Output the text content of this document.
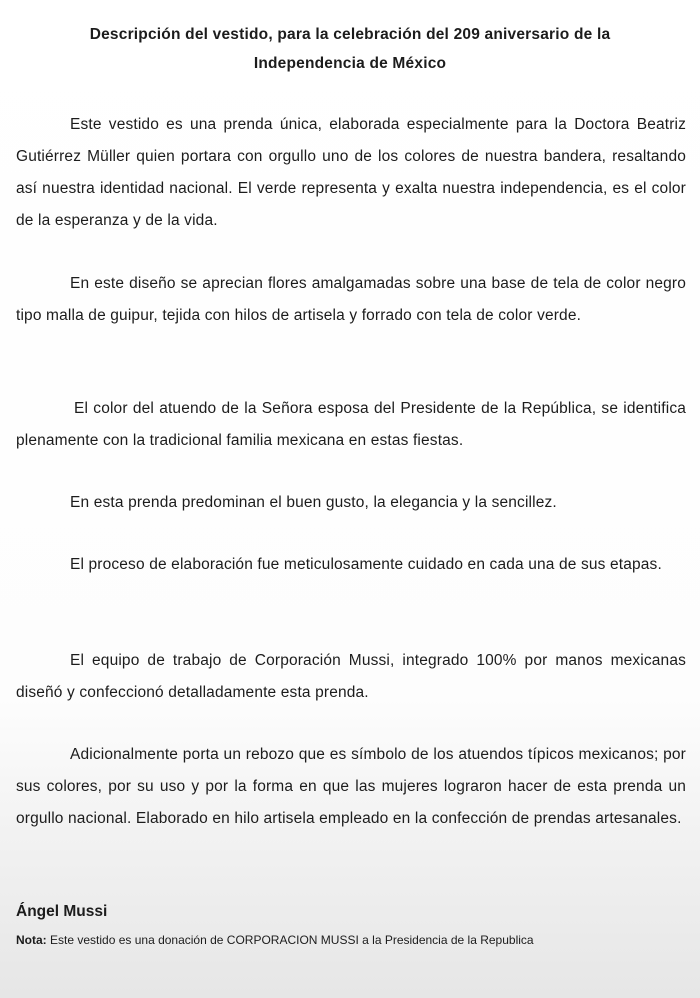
Descripción del vestido, para la celebración del 209 aniversario de la
Independencia de México

Este vestido es una prenda única, elaborada especialmente para la Doctora Beatriz Gutiérrez Müller quien portara con orgullo uno de los colores de nuestra bandera, resaltando así nuestra identidad nacional. El verde representa y exalta nuestra independencia, es el color de la esperanza y de la vida.

En este diseño se aprecian flores amalgamadas sobre una base de tela de color negro tipo malla de guipur, tejida con hilos de artisela y forrado con tela de color verde.

El color del atuendo de la Señora esposa del Presidente de la República, se identifica plenamente con la tradicional familia mexicana en estas fiestas.

En esta prenda predominan el buen gusto, la elegancia y la sencillez.

El proceso de elaboración fue meticulosamente cuidado en cada una de sus etapas.

El equipo de trabajo de Corporación Mussi, integrado 100% por manos mexicanas diseñó y confeccionó detalladamente esta prenda.

Adicionalmente porta un rebozo que es símbolo de los atuendos típicos mexicanos; por sus colores, por su uso y por la forma en que las mujeres lograron hacer de esta prenda un orgullo nacional. Elaborado en hilo artisela empleado en la confección de prendas artesanales.

Ángel Mussi

Nota: Este vestido es una donación de CORPORACION MUSSI a la Presidencia de la Republica
